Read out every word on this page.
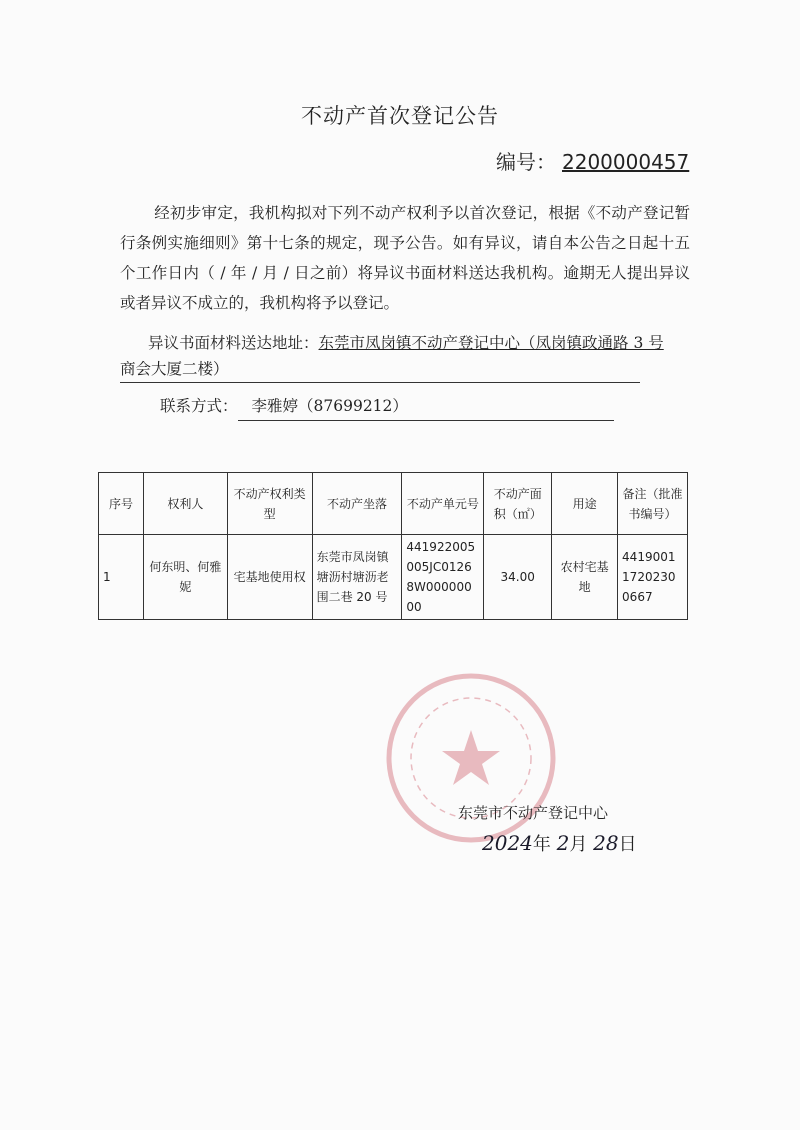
不动产首次登记公告
编号： 2200000457
经初步审定，我机构拟对下列不动产权利予以首次登记，根据《不动产登记暂行条例实施细则》第十七条的规定，现予公告。如有异议，请自本公告之日起十五个工作日内（ / 年 / 月 / 日之前）将异议书面材料送达我机构。逾期无人提出异议或者异议不成立的，我机构将予以登记。
异议书面材料送达地址：东莞市凤岗镇不动产登记中心（凤岗镇政通路 3 号
商会大厦二楼）
联系方式： 李雅婷（87699212）
序号	权利人	不动产权利类型	不动产坐落	不动产单元号	不动产面积（㎡）	用途	备注（批准书编号）
1	何东明、何雅妮	宅基地使用权	东莞市凤岗镇塘沥村塘沥老围二巷 20 号	441922005005JC01268W00000000	34.00	农村宅基地	441900117202300667
东莞市不动产登记中心
2024年 2月 28日
